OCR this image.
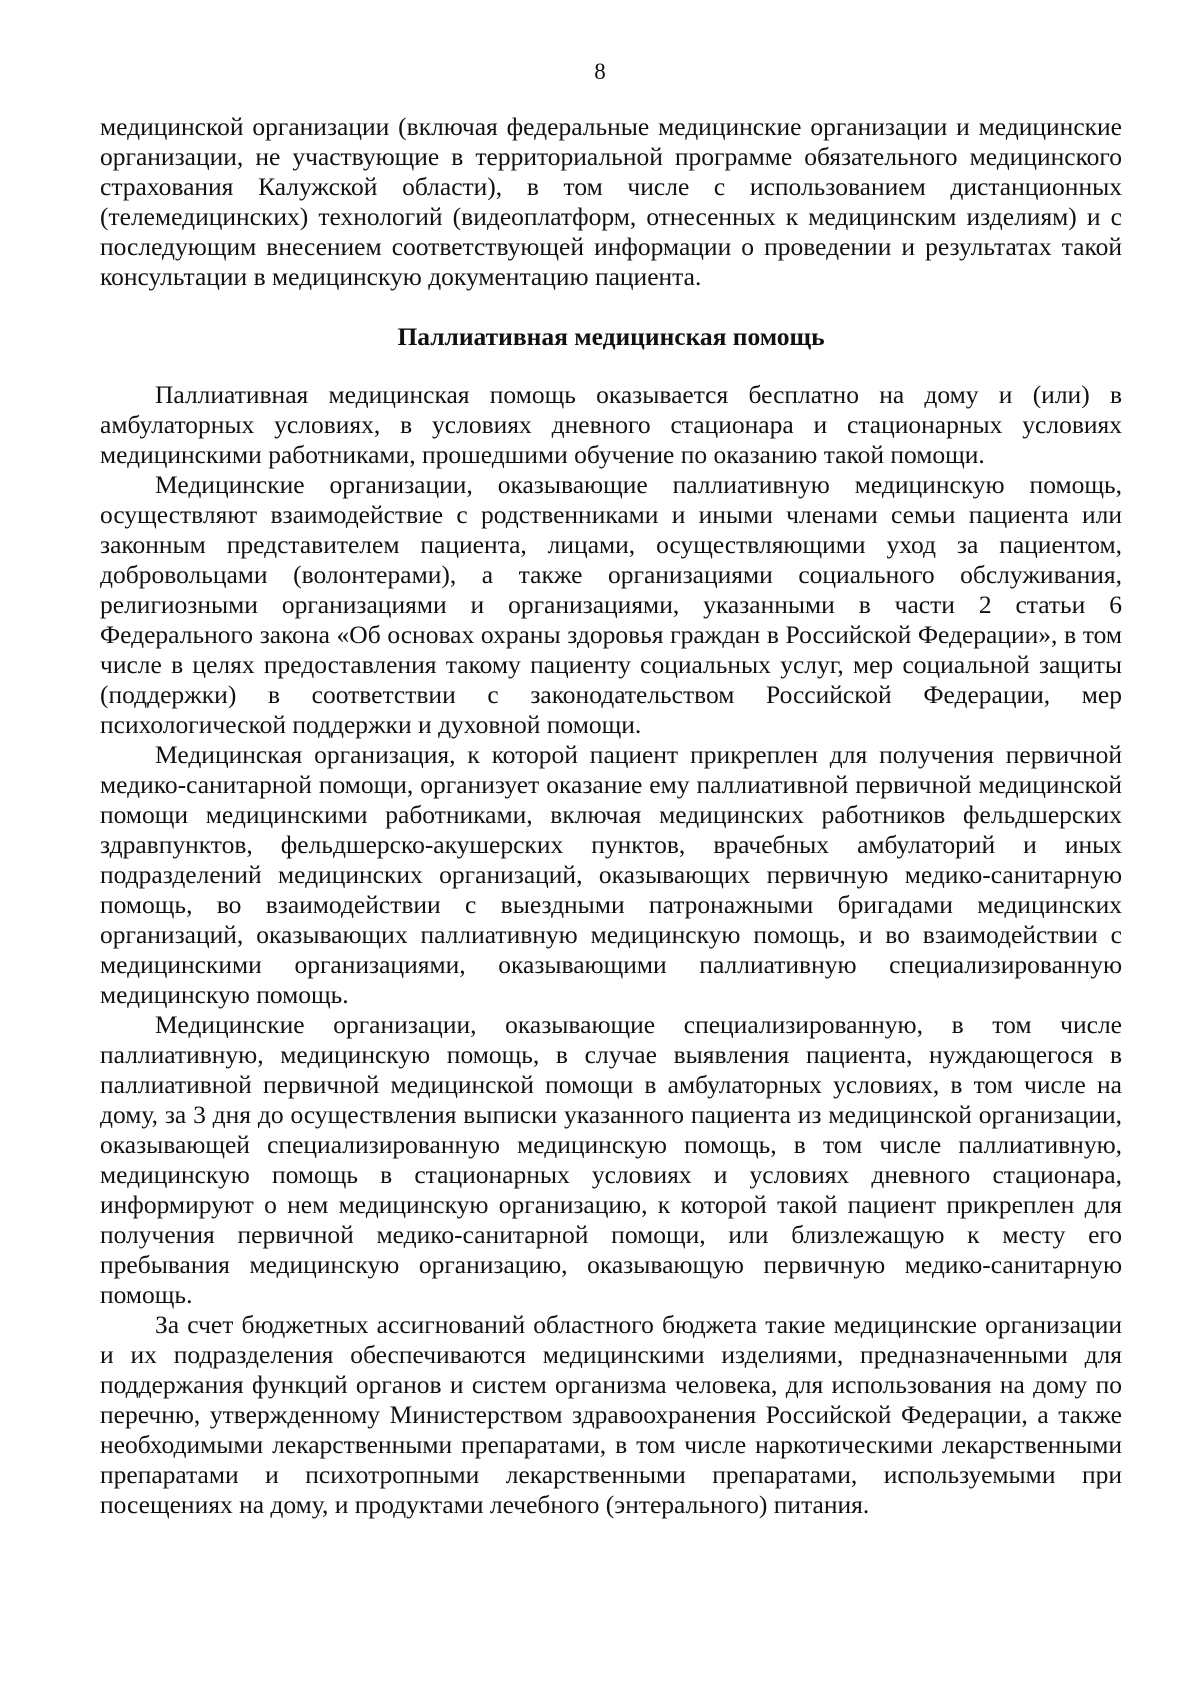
8

медицинской организации (включая федеральные медицинские организации и медицинские организации, не участвующие в территориальной программе обязательного медицинского страхования Калужской области), в том числе с использованием дистанционных (телемедицинских) технологий (видеоплатформ, отнесенных к медицинским изделиям) и с последующим внесением соответствующей информации о проведении и результатах такой консультации в медицинскую документацию пациента.

Паллиативная медицинская помощь

Паллиативная медицинская помощь оказывается бесплатно на дому и (или) в амбулаторных условиях, в условиях дневного стационара и стационарных условиях медицинскими работниками, прошедшими обучение по оказанию такой помощи.

Медицинские организации, оказывающие паллиативную медицинскую помощь, осуществляют взаимодействие с родственниками и иными членами семьи пациента или законным представителем пациента, лицами, осуществляющими уход за пациентом, добровольцами (волонтерами), а также организациями социального обслуживания, религиозными организациями и организациями, указанными в части 2 статьи 6 Федерального закона «Об основах охраны здоровья граждан в Российской Федерации», в том числе в целях предоставления такому пациенту социальных услуг, мер социальной защиты (поддержки) в соответствии с законодательством Российской Федерации, мер психологической поддержки и духовной помощи.

Медицинская организация, к которой пациент прикреплен для получения первичной медико-санитарной помощи, организует оказание ему паллиативной первичной медицинской помощи медицинскими работниками, включая медицинских работников фельдшерских здравпунктов, фельдшерско-акушерских пунктов, врачебных амбулаторий и иных подразделений медицинских организаций, оказывающих первичную медико-санитарную помощь, во взаимодействии с выездными патронажными бригадами медицинских организаций, оказывающих паллиативную медицинскую помощь, и во взаимодействии с медицинскими организациями, оказывающими паллиативную специализированную медицинскую помощь.

Медицинские организации, оказывающие специализированную, в том числе паллиативную, медицинскую помощь, в случае выявления пациента, нуждающегося в паллиативной первичной медицинской помощи в амбулаторных условиях, в том числе на дому, за 3 дня до осуществления выписки указанного пациента из медицинской организации, оказывающей специализированную медицинскую помощь, в том числе паллиативную, медицинскую помощь в стационарных условиях и условиях дневного стационара, информируют о нем медицинскую организацию, к которой такой пациент прикреплен для получения первичной медико-санитарной помощи, или близлежащую к месту его пребывания медицинскую организацию, оказывающую первичную медико-санитарную помощь.

За счет бюджетных ассигнований областного бюджета такие медицинские организации и их подразделения обеспечиваются медицинскими изделиями, предназначенными для поддержания функций органов и систем организма человека, для использования на дому по перечню, утвержденному Министерством здравоохранения Российской Федерации, а также необходимыми лекарственными препаратами, в том числе наркотическими лекарственными препаратами и психотропными лекарственными препаратами, используемыми при посещениях на дому, и продуктами лечебного (энтерального) питания.
